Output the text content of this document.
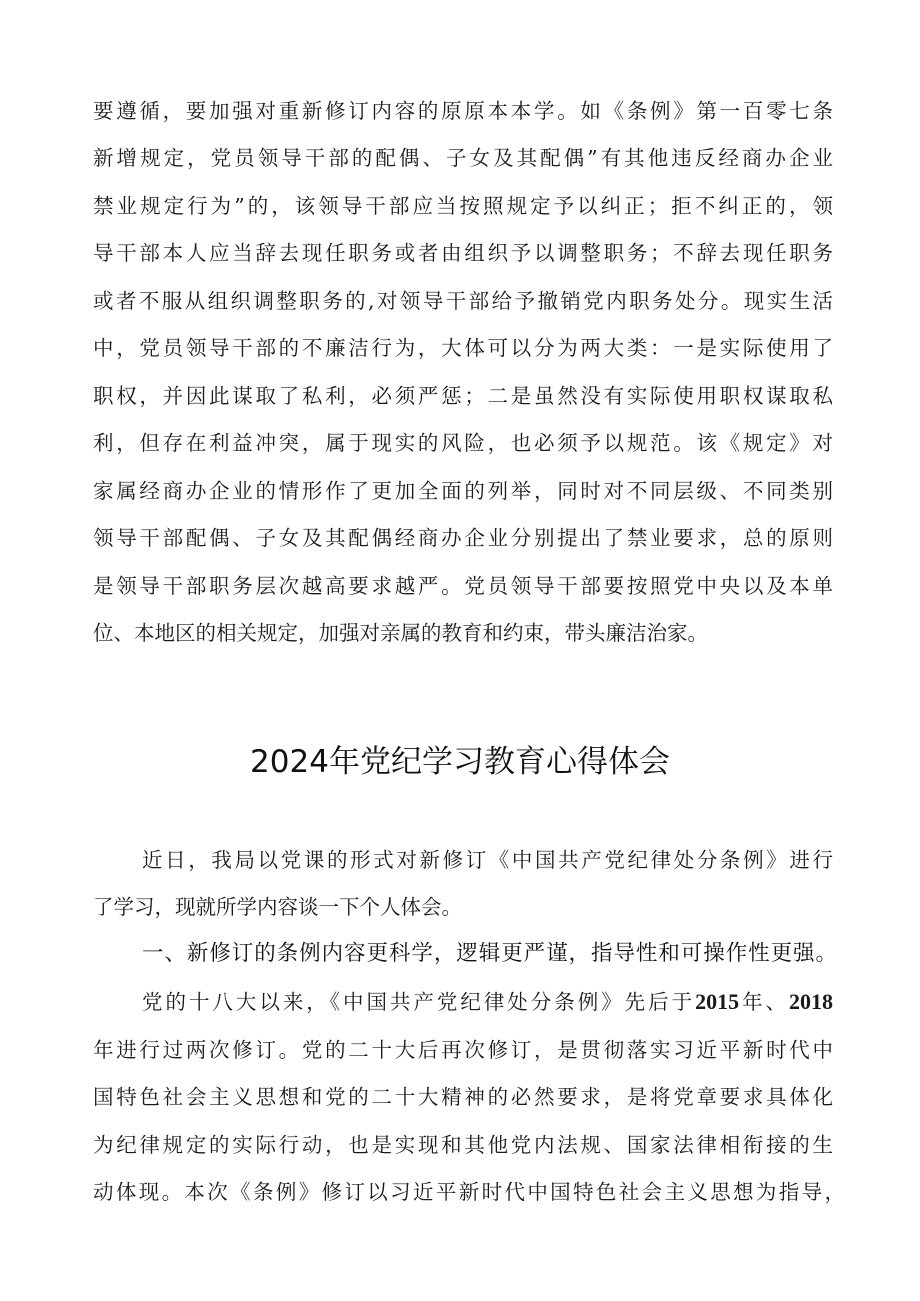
要遵循，要加强对重新修订内容的原原本本学。如《条例》第一百零七条
新增规定，党员领导干部的配偶、子女及其配偶”有其他违反经商办企业
禁业规定行为”的，该领导干部应当按照规定予以纠正；拒不纠正的，领
导干部本人应当辞去现任职务或者由组织予以调整职务；不辞去现任职务
或者不服从组织调整职务的,对领导干部给予撤销党内职务处分。现实生活
中，党员领导干部的不廉洁行为，大体可以分为两大类：一是实际使用了
职权，并因此谋取了私利，必须严惩；二是虽然没有实际使用职权谋取私
利，但存在利益冲突，属于现实的风险，也必须予以规范。该《规定》对
家属经商办企业的情形作了更加全面的列举，同时对不同层级、不同类别
领导干部配偶、子女及其配偶经商办企业分别提出了禁业要求，总的原则
是领导干部职务层次越高要求越严。党员领导干部要按照党中央以及本单
位、本地区的相关规定，加强对亲属的教育和约束，带头廉洁治家。
2024年党纪学习教育心得体会
近日，我局以党课的形式对新修订《中国共产党纪律处分条例》进行
了学习，现就所学内容谈一下个人体会。
一、新修订的条例内容更科学，逻辑更严谨，指导性和可操作性更强。
党的十八大以来，《中国共产党纪律处分条例》先后于2015年、2018
年进行过两次修订。党的二十大后再次修订，是贯彻落实习近平新时代中
国特色社会主义思想和党的二十大精神的必然要求，是将党章要求具体化
为纪律规定的实际行动，也是实现和其他党内法规、国家法律相衔接的生
动体现。本次《条例》修订以习近平新时代中国特色社会主义思想为指导，
